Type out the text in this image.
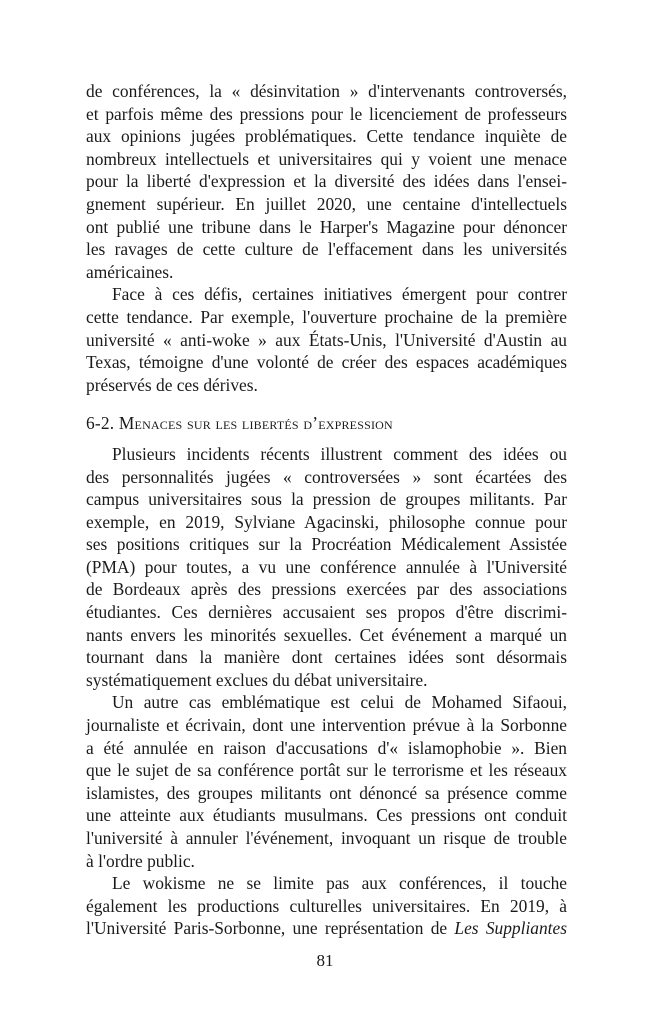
de conférences, la « désinvitation » d'intervenants controversés,
et parfois même des pressions pour le licenciement de professeurs
aux opinions jugées problématiques. Cette tendance inquiète de
nombreux intellectuels et universitaires qui y voient une menace
pour la liberté d'expression et la diversité des idées dans l'ensei-
gnement supérieur. En juillet 2020, une centaine d'intellectuels
ont publié une tribune dans le Harper's Magazine pour dénoncer
les ravages de cette culture de l'effacement dans les universités
américaines.
Face à ces défis, certaines initiatives émergent pour contrer
cette tendance. Par exemple, l'ouverture prochaine de la première
université « anti-woke » aux États-Unis, l'Université d'Austin au
Texas, témoigne d'une volonté de créer des espaces académiques
préservés de ces dérives.
6-2. Menaces sur les libertés d’expression
Plusieurs incidents récents illustrent comment des idées ou
des personnalités jugées « controversées » sont écartées des
campus universitaires sous la pression de groupes militants. Par
exemple, en 2019, Sylviane Agacinski, philosophe connue pour
ses positions critiques sur la Procréation Médicalement Assistée
(PMA) pour toutes, a vu une conférence annulée à l'Université
de Bordeaux après des pressions exercées par des associations
étudiantes. Ces dernières accusaient ses propos d'être discrimi-
nants envers les minorités sexuelles. Cet événement a marqué un
tournant dans la manière dont certaines idées sont désormais
systématiquement exclues du débat universitaire.
Un autre cas emblématique est celui de Mohamed Sifaoui,
journaliste et écrivain, dont une intervention prévue à la Sorbonne
a été annulée en raison d'accusations d'« islamophobie ». Bien
que le sujet de sa conférence portât sur le terrorisme et les réseaux
islamistes, des groupes militants ont dénoncé sa présence comme
une atteinte aux étudiants musulmans. Ces pressions ont conduit
l'université à annuler l'événement, invoquant un risque de trouble
à l'ordre public.
Le wokisme ne se limite pas aux conférences, il touche
également les productions culturelles universitaires. En 2019, à
l'Université Paris-Sorbonne, une représentation de Les Suppliantes
81
